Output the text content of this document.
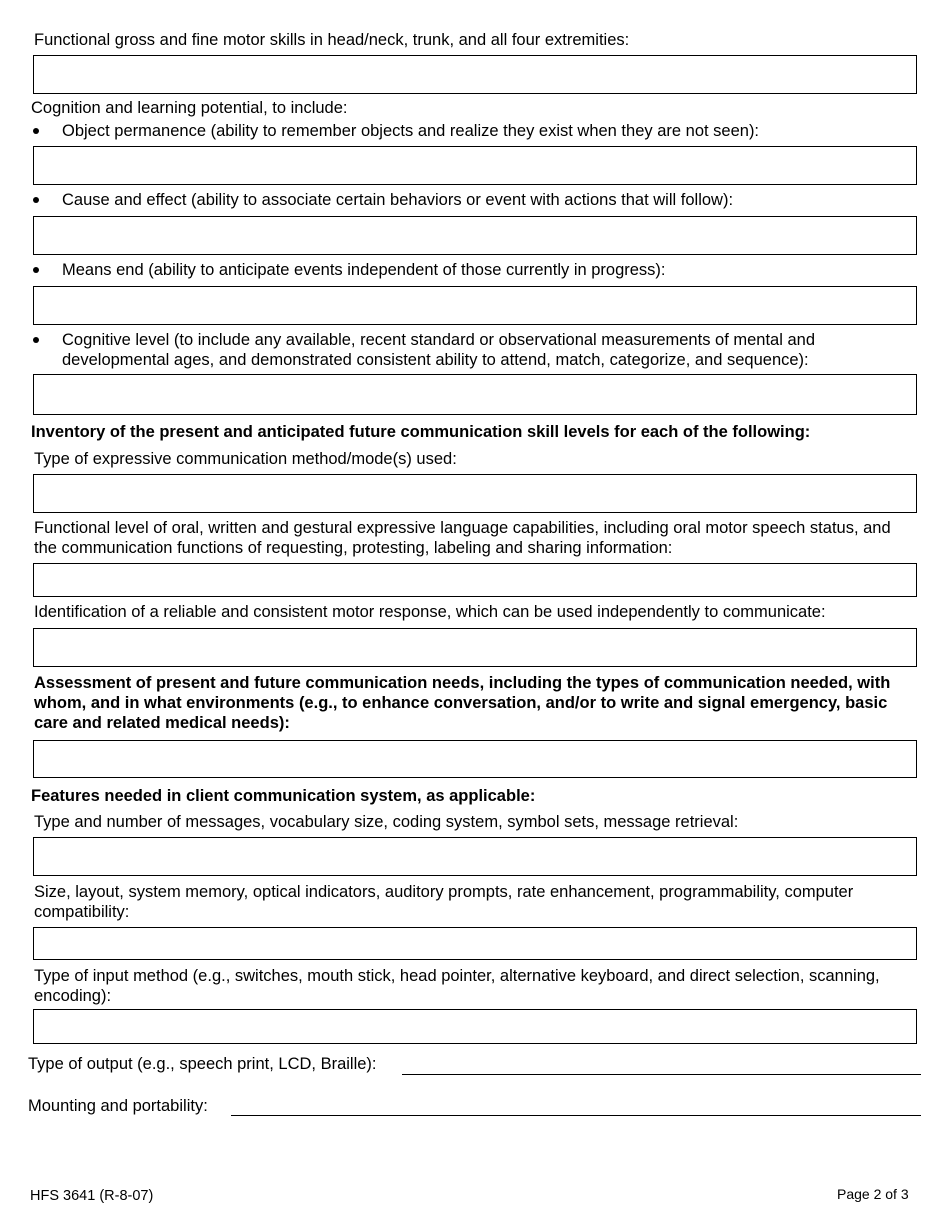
Functional gross and fine motor skills in head/neck, trunk, and all four extremities:

Cognition and learning potential, to include:

Object permanence (ability to remember objects and realize they exist when they are not seen):

Cause and effect (ability to associate certain behaviors or event with actions that will follow):

Means end (ability to anticipate events independent of those currently in progress):

Cognitive level (to include any available, recent standard or observational measurements of mental and developmental ages, and demonstrated consistent ability to attend, match, categorize, and sequence):

Inventory of the present and anticipated future communication skill levels for each of the following:

Type of expressive communication method/mode(s) used:

Functional level of oral, written and gestural expressive language capabilities, including oral motor speech status, and the communication functions of requesting, protesting, labeling and sharing information:

Identification of a reliable and consistent motor response, which can be used independently to communicate:

Assessment of present and future communication needs, including the types of communication needed, with whom, and in what environments (e.g., to enhance conversation, and/or to write and signal emergency, basic care and related medical needs):

Features needed in client communication system, as applicable:

Type and number of messages, vocabulary size, coding system, symbol sets, message retrieval:

Size, layout, system memory, optical indicators, auditory prompts, rate enhancement, programmability, computer compatibility:

Type of input method (e.g., switches, mouth stick, head pointer, alternative keyboard, and direct selection, scanning, encoding):

Type of output (e.g., speech print, LCD, Braille):

Mounting and portability:

HFS 3641 (R-8-07)	Page 2 of 3
